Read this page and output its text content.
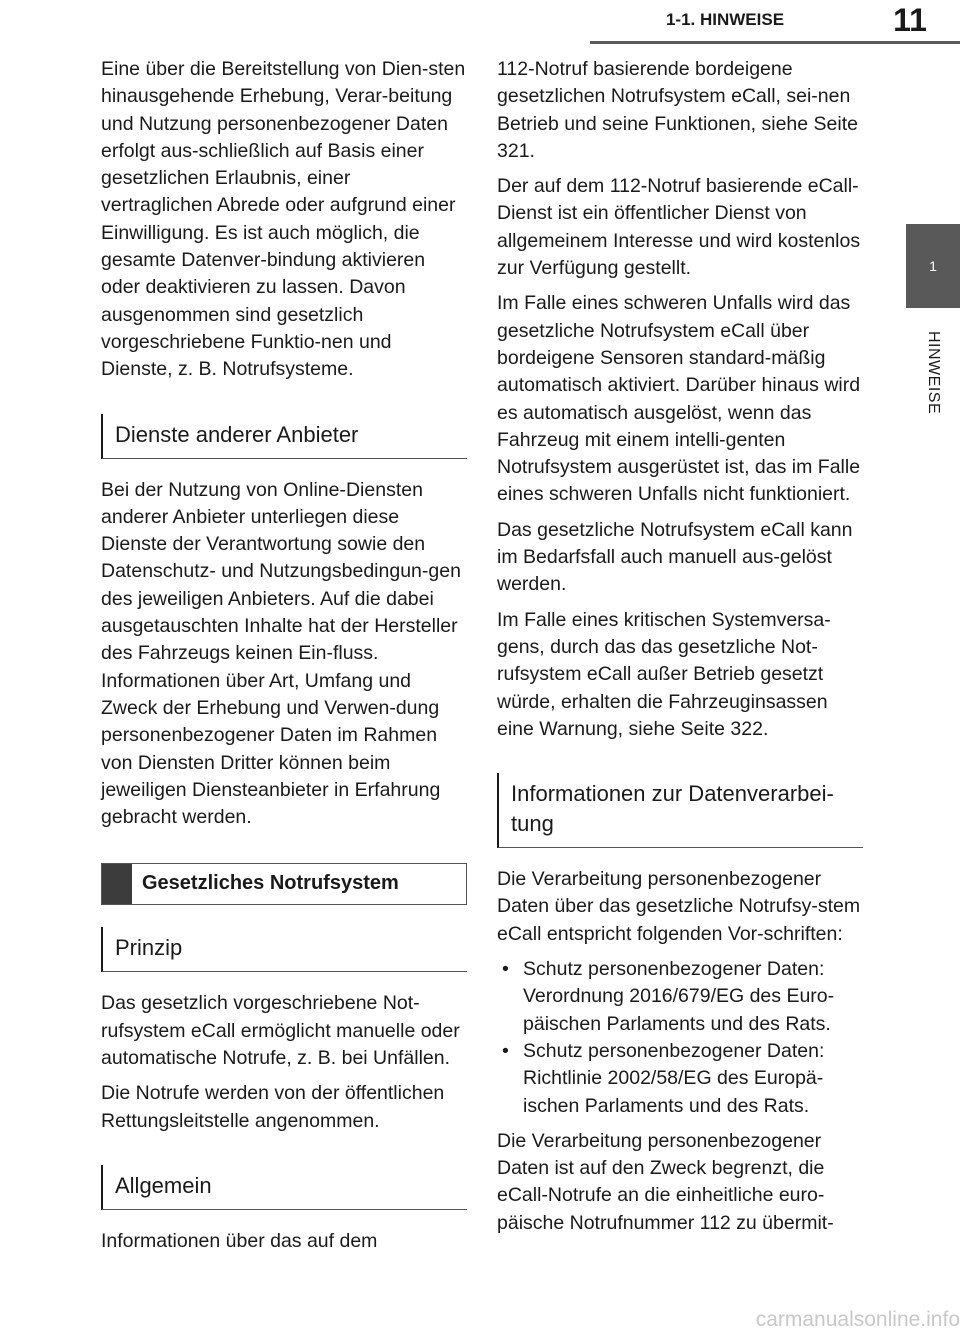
1-1. HINWEISE	11
1
HINWEISE

Eine über die Bereitstellung von Dien-sten hinausgehende Erhebung, Verar-beitung und Nutzung personenbezogener Daten erfolgt aus-schließlich auf Basis einer gesetzlichen Erlaubnis, einer vertraglichen Abrede oder aufgrund einer Einwilligung. Es ist auch möglich, die gesamte Datenver-bindung aktivieren oder deaktivieren zu lassen. Davon ausgenommen sind gesetzlich vorgeschriebene Funktio-nen und Dienste, z. B. Notrufsysteme.

Dienste anderer Anbieter

Bei der Nutzung von Online-Diensten anderer Anbieter unterliegen diese Dienste der Verantwortung sowie den Datenschutz- und Nutzungsbedingun-gen des jeweiligen Anbieters. Auf die dabei ausgetauschten Inhalte hat der Hersteller des Fahrzeugs keinen Ein-fluss. Informationen über Art, Umfang und Zweck der Erhebung und Verwen-dung personenbezogener Daten im Rahmen von Diensten Dritter können beim jeweiligen Diensteanbieter in Erfahrung gebracht werden.

Gesetzliches Notrufsystem
Prinzip

Das gesetzlich vorgeschriebene Not-rufsystem eCall ermöglicht manuelle oder automatische Notrufe, z. B. bei Unfällen.

Die Notrufe werden von der öffentlichen Rettungsleitstelle angenommen.

Allgemein

Informationen über das auf dem

112-Notruf basierende bordeigene gesetzlichen Notrufsystem eCall, sei-nen Betrieb und seine Funktionen, siehe Seite 321.

Der auf dem 112-Notruf basierende eCall-Dienst ist ein öffentlicher Dienst von allgemeinem Interesse und wird kostenlos zur Verfügung gestellt.

Im Falle eines schweren Unfalls wird das gesetzliche Notrufsystem eCall über bordeigene Sensoren standard-mäßig automatisch aktiviert. Darüber hinaus wird es automatisch ausgelöst, wenn das Fahrzeug mit einem intelli-genten Notrufsystem ausgerüstet ist, das im Falle eines schweren Unfalls nicht funktioniert.

Das gesetzliche Notrufsystem eCall kann im Bedarfsfall auch manuell aus-gelöst werden.

Im Falle eines kritischen Systemversa-gens, durch das das gesetzliche Not-rufsystem eCall außer Betrieb gesetzt würde, erhalten die Fahrzeuginsassen eine Warnung, siehe Seite 322.

Informationen zur Datenverarbei-tung

Die Verarbeitung personenbezogener Daten über das gesetzliche Notrufsy-stem eCall entspricht folgenden Vor-schriften:

• Schutz personenbezogener Daten: Verordnung 2016/679/EG des Euro-päischen Parlaments und des Rats.
• Schutz personenbezogener Daten: Richtlinie 2002/58/EG des Europä-ischen Parlaments und des Rats.

Die Verarbeitung personenbezogener Daten ist auf den Zweck begrenzt, die eCall-Notrufe an die einheitliche euro-päische Notrufnummer 112 zu übermit-

carmanualsonline.info
